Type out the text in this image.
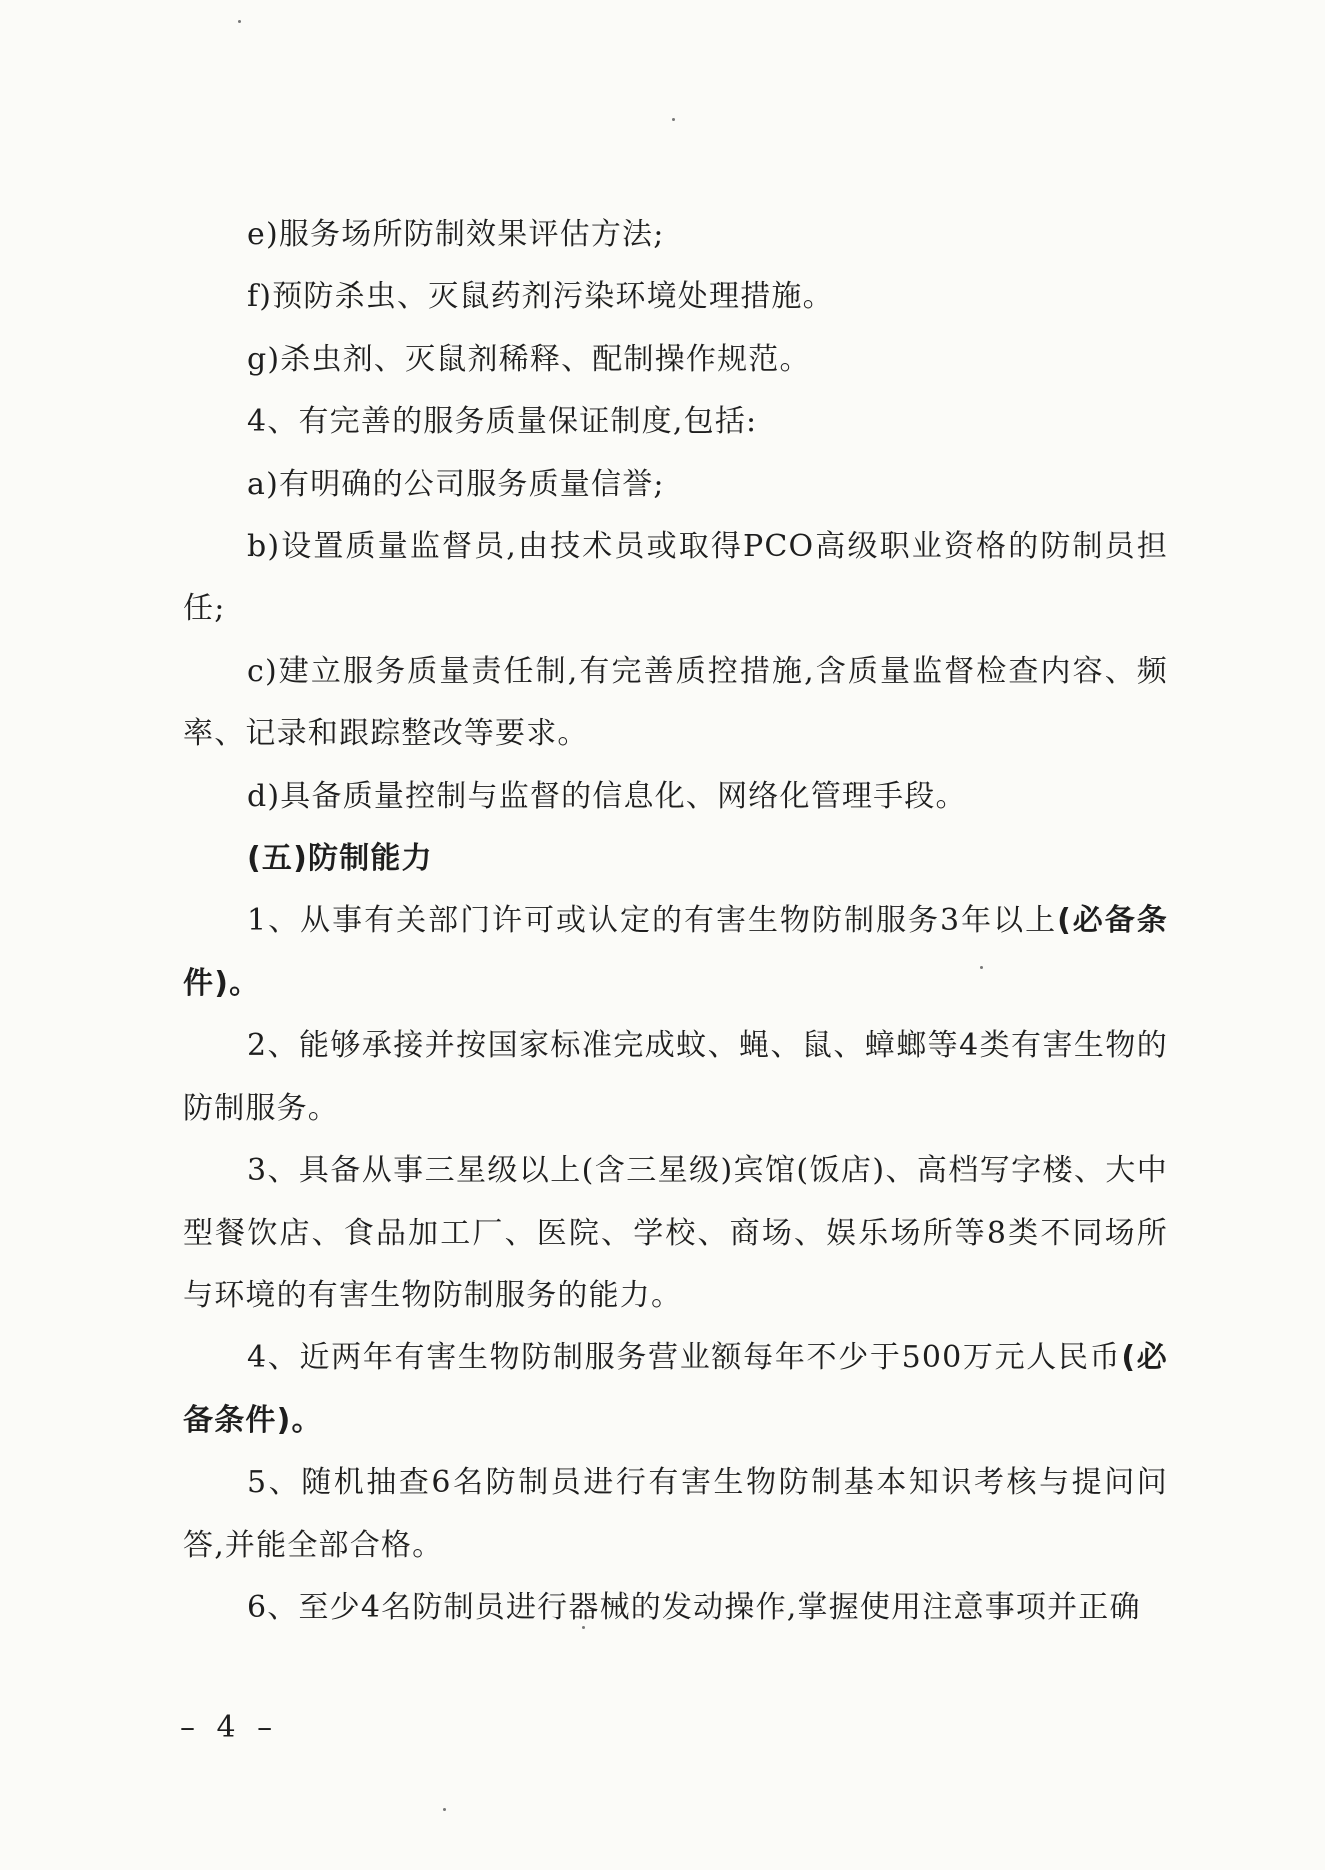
e)服务场所防制效果评估方法;

f)预防杀虫、灭鼠药剂污染环境处理措施。

g)杀虫剂、灭鼠剂稀释、配制操作规范。

4、有完善的服务质量保证制度,包括:

a)有明确的公司服务质量信誉;

b)设置质量监督员,由技术员或取得PCO高级职业资格的防制员担任;

c)建立服务质量责任制,有完善质控措施,含质量监督检查内容、频率、记录和跟踪整改等要求。

d)具备质量控制与监督的信息化、网络化管理手段。

(五)防制能力

1、从事有关部门许可或认定的有害生物防制服务3年以上(必备条件)。

2、能够承接并按国家标准完成蚊、蝇、鼠、蟑螂等4类有害生物的防制服务。

3、具备从事三星级以上(含三星级)宾馆(饭店)、高档写字楼、大中型餐饮店、食品加工厂、医院、学校、商场、娱乐场所等8类不同场所与环境的有害生物防制服务的能力。

4、近两年有害生物防制服务营业额每年不少于500万元人民币(必备条件)。

5、随机抽查6名防制员进行有害生物防制基本知识考核与提问问答,并能全部合格。

6、至少4名防制员进行器械的发动操作,掌握使用注意事项并正确

– 4 –
